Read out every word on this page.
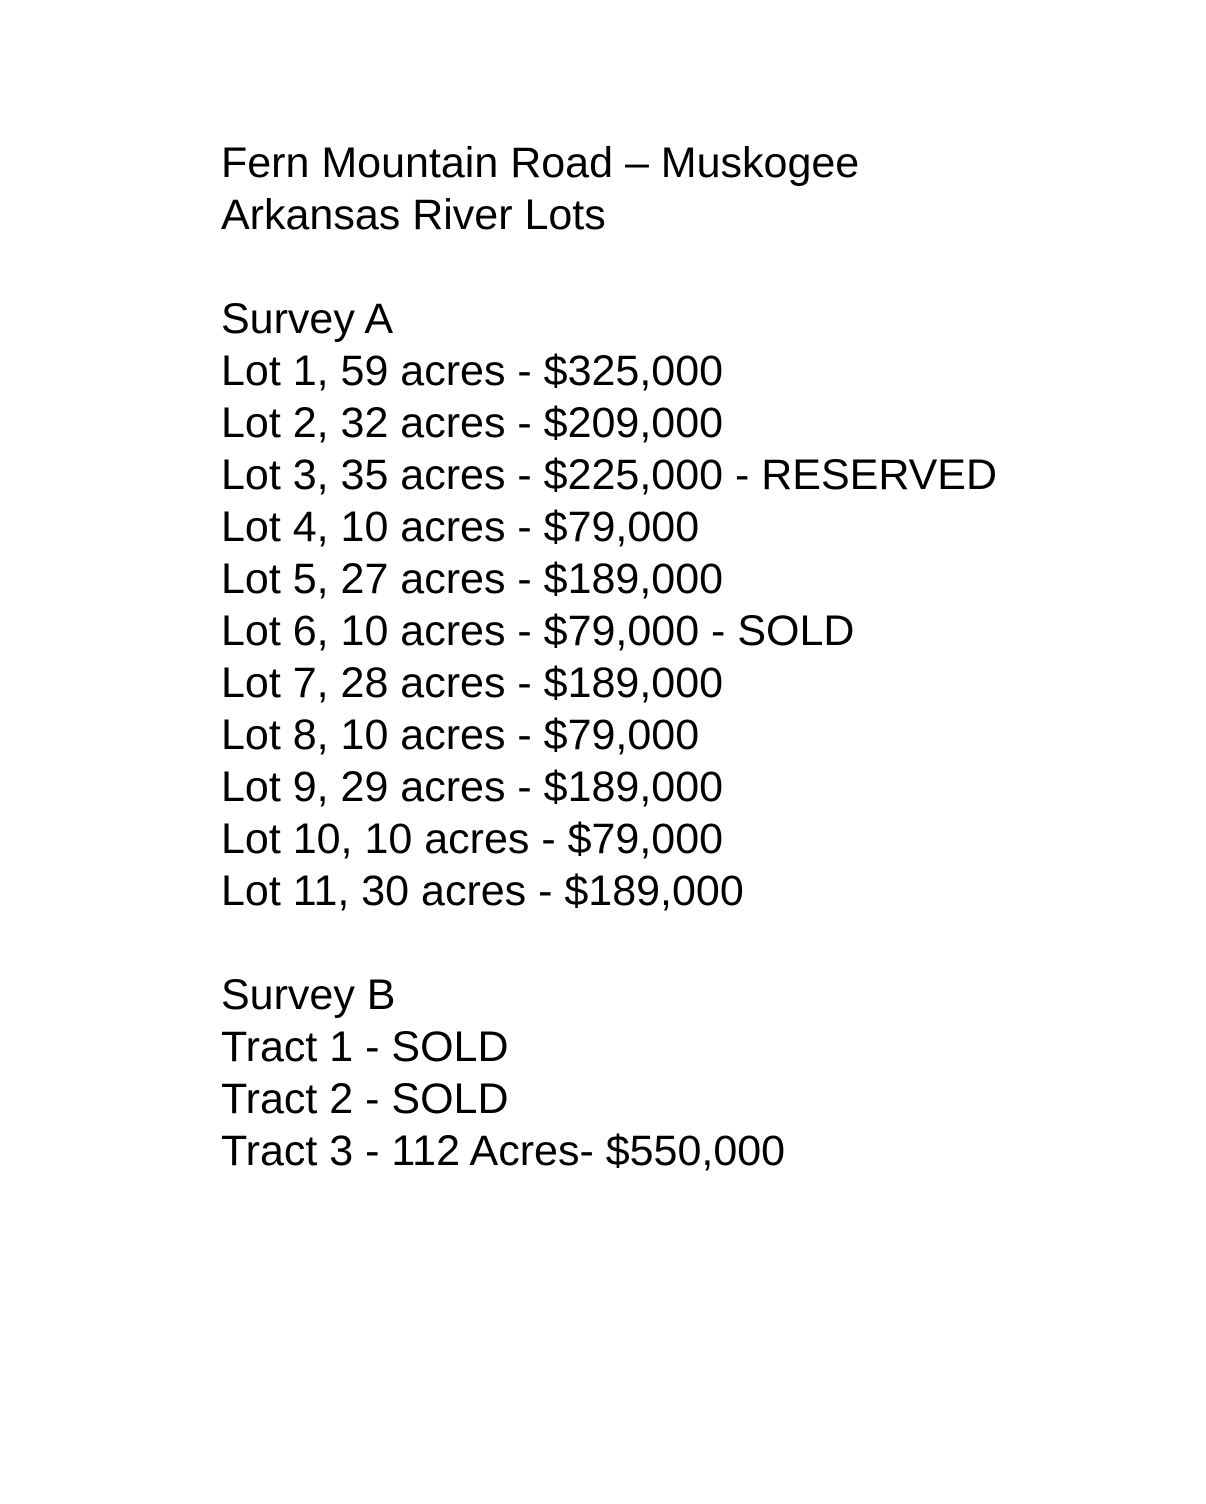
Fern Mountain Road – Muskogee
Arkansas River Lots
Survey A
Lot 1, 59 acres - $325,000
Lot 2, 32 acres - $209,000
Lot 3, 35 acres - $225,000 - RESERVED
Lot 4, 10 acres - $79,000
Lot 5, 27 acres - $189,000
Lot 6, 10 acres - $79,000 - SOLD
Lot 7, 28 acres - $189,000
Lot 8, 10 acres - $79,000
Lot 9, 29 acres - $189,000
Lot 10, 10 acres - $79,000
Lot 11, 30 acres - $189,000
Survey B
Tract 1 - SOLD
Tract 2 - SOLD
Tract 3 - 112 Acres- $550,000
